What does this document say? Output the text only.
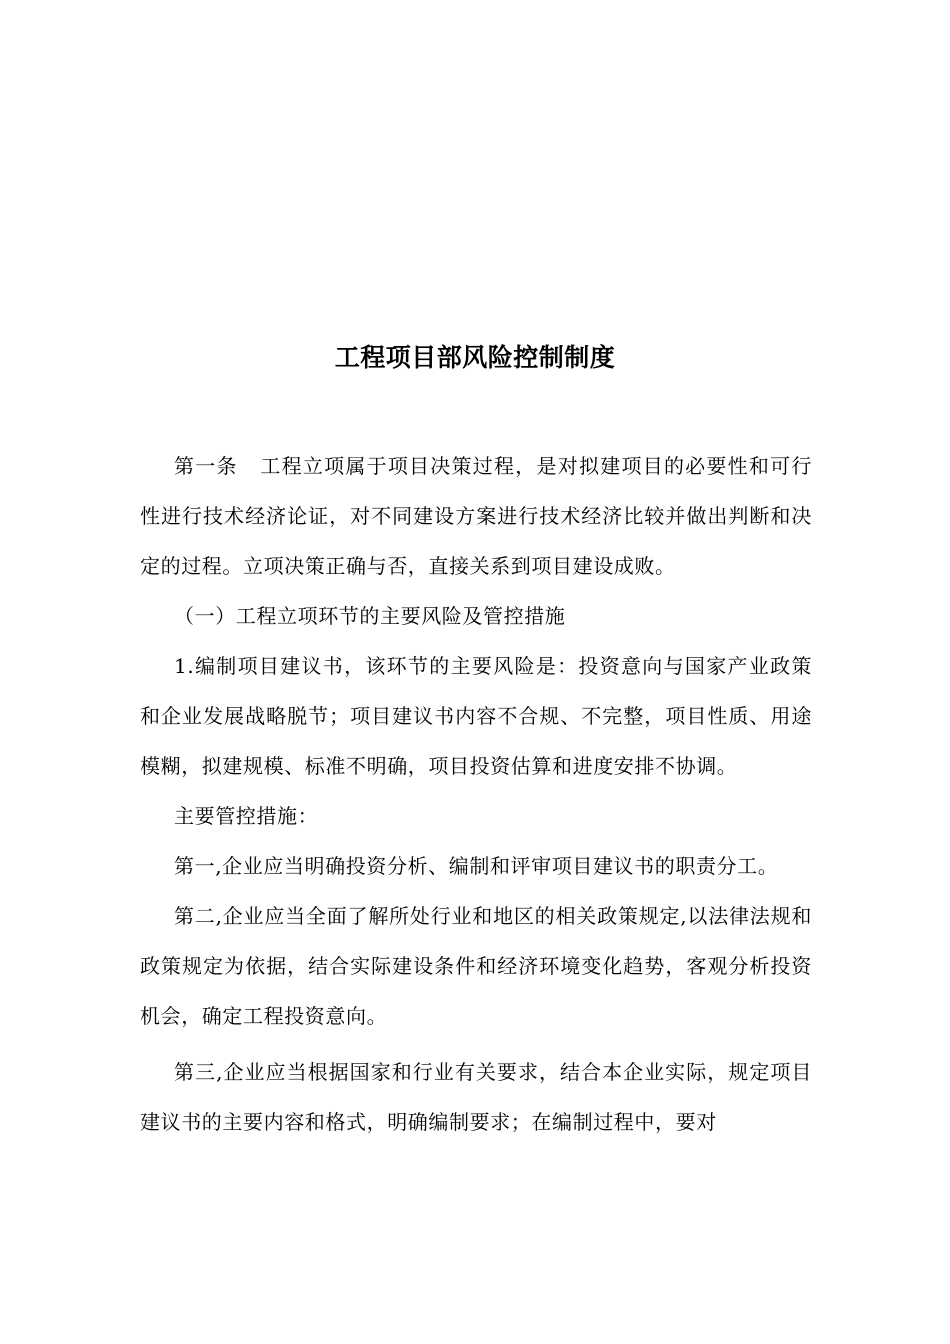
工程项目部风险控制制度

第一条 工程立项属于项目决策过程，是对拟建项目的必要性和可行性进行技术经济论证，对不同建设方案进行技术经济比较并做出判断和决定的过程。立项决策正确与否，直接关系到项目建设成败。

（一）工程立项环节的主要风险及管控措施

1.编制项目建议书，该环节的主要风险是：投资意向与国家产业政策和企业发展战略脱节；项目建议书内容不合规、不完整，项目性质、用途模糊，拟建规模、标准不明确，项目投资估算和进度安排不协调。

主要管控措施：

第一,企业应当明确投资分析、编制和评审项目建议书的职责分工。

第二,企业应当全面了解所处行业和地区的相关政策规定,以法律法规和政策规定为依据，结合实际建设条件和经济环境变化趋势，客观分析投资机会，确定工程投资意向。

第三,企业应当根据国家和行业有关要求，结合本企业实际，规定项目建议书的主要内容和格式，明确编制要求；在编制过程中，要对
